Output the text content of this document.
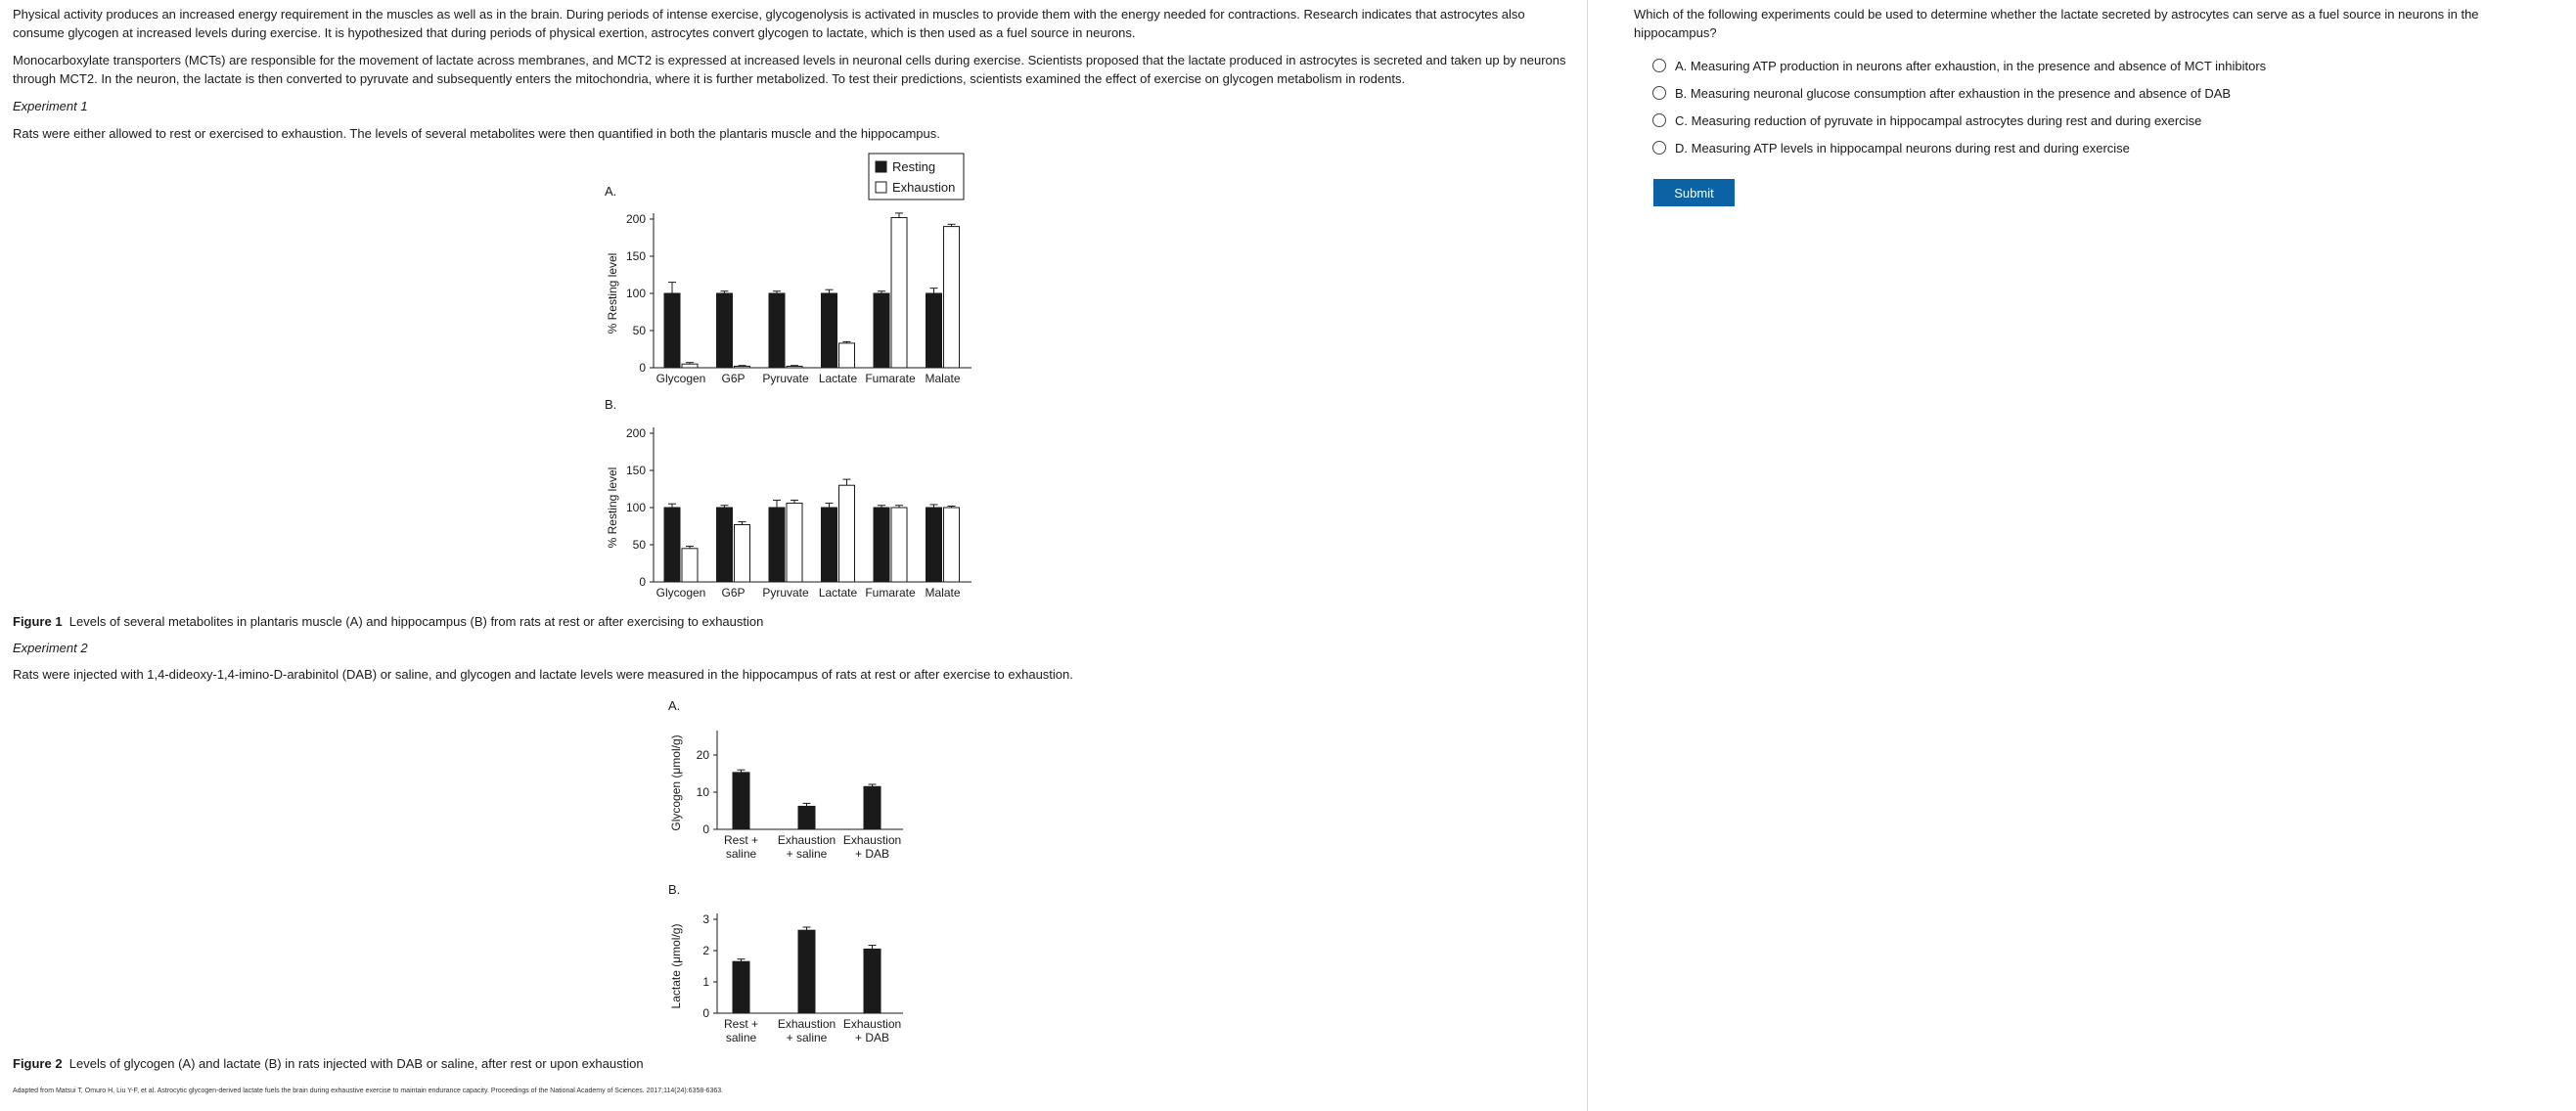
Physical activity produces an increased energy requirement in the muscles as well as in the brain. During periods of intense exercise, glycogenolysis is activated in muscles to provide them with the energy needed for contractions. Research indicates that astrocytes also consume glycogen at increased levels during exercise. It is hypothesized that during periods of physical exertion, astrocytes convert glycogen to lactate, which is then used as a fuel source in neurons.

Monocarboxylate transporters (MCTs) are responsible for the movement of lactate across membranes, and MCT2 is expressed at increased levels in neuronal cells during exercise. Scientists proposed that the lactate produced in astrocytes is secreted and taken up by neurons through MCT2. In the neuron, the lactate is then converted to pyruvate and subsequently enters the mitochondria, where it is further metabolized. To test their predictions, scientists examined the effect of exercise on glycogen metabolism in rodents.

Experiment 1

Rats were either allowed to rest or exercised to exhaustion. The levels of several metabolites were then quantified in both the plantaris muscle and the hippocampus.

Resting
Exhaustion
A.
0
50
100
150
200
% Resting level
Glycogen G6P Pyruvate Lactate Fumarate Malate
B.
0
50
100
150
200
% Resting level
Glycogen G6P Pyruvate Lactate Fumarate Malate
Figure 1  Levels of several metabolites in plantaris muscle (A) and hippocampus (B) from rats at rest or after exercising to exhaustion
Experiment 2

Rats were injected with 1,4-dideoxy-1,4-imino-D-arabinitol (DAB) or saline, and glycogen and lactate levels were measured in the hippocampus of rats at rest or after exercise to exhaustion.

A.
0
10
20
Glycogen (μmol/g)
Rest + saline
Exhaustion + saline
Exhaustion + DAB
B.
0
1
2
3
Lactate (μmol/g)
Rest + saline
Exhaustion + saline
Exhaustion + DAB
Figure 2  Levels of glycogen (A) and lactate (B) in rats injected with DAB or saline, after rest or upon exhaustion
Adapted from Matsui T, Omuro H, Liu Y-F, et al. Astrocytic glycogen-derived lactate fuels the brain during exhaustive exercise to maintain endurance capacity. Proceedings of the National Academy of Sciences. 2017;114(24):6358-6363.
Which of the following experiments could be used to determine whether the lactate secreted by astrocytes can serve as a fuel source in neurons in the hippocampus?
A.
Measuring ATP production in neurons after exhaustion, in the presence and absence of MCT inhibitors
B.
Measuring neuronal glucose consumption after exhaustion in the presence and absence of DAB
C.
Measuring reduction of pyruvate in hippocampal astrocytes during rest and during exercise
D.
Measuring ATP levels in hippocampal neurons during rest and during exercise
Submit
